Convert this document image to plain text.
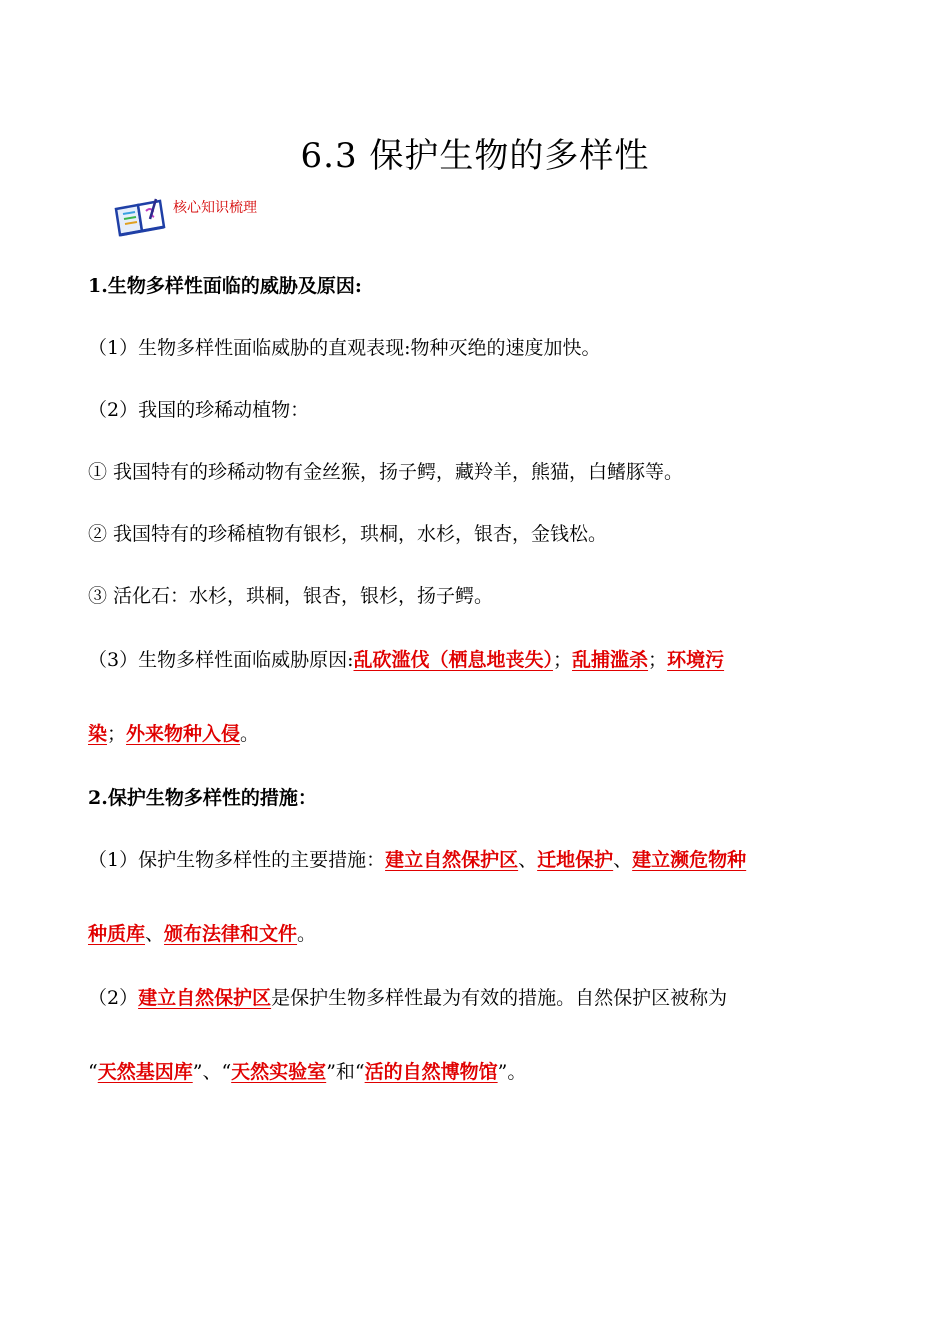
6.3 保护生物的多样性
核心知识梳理
1.生物多样性面临的威胁及原因:
（1）生物多样性面临威胁的直观表现:物种灭绝的速度加快。
（2）我国的珍稀动植物：
① 我国特有的珍稀动物有金丝猴，扬子鳄，藏羚羊，熊猫，白鳍豚等。
② 我国特有的珍稀植物有银杉，珙桐，水杉，银杏，金钱松。
③ 活化石：水杉，珙桐，银杏，银杉，扬子鳄。
（3）生物多样性面临威胁原因:乱砍滥伐（栖息地丧失）；乱捕滥杀；环境污
染；外来物种入侵。
2.保护生物多样性的措施：
（1）保护生物多样性的主要措施：建立自然保护区、迁地保护、建立濒危物种
种质库、颁布法律和文件。
（2）建立自然保护区是保护生物多样性最为有效的措施。自然保护区被称为
“天然基因库”、“天然实验室”和“活的自然博物馆”。
